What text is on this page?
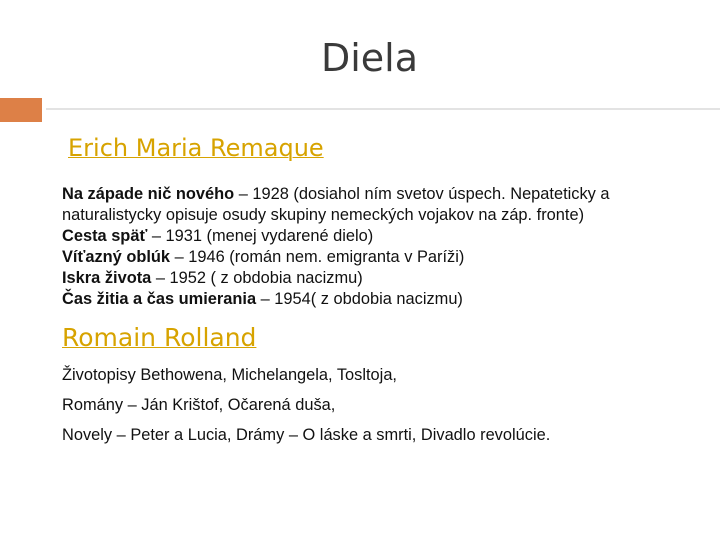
Diela
Erich Maria Remaque
Na západe nič nového – 1928 (dosiahol ním svetov úspech. Nepateticky a
naturalistycky opisuje osudy skupiny nemeckých vojakov na záp. fronte)
Cesta späť – 1931 (menej vydarené dielo)
Víťazný oblúk – 1946 (román nem. emigranta v Paríži)
Iskra života – 1952 ( z obdobia nacizmu)
Čas žitia a čas umierania – 1954( z obdobia nacizmu)
Romain Rolland
Životopisy Bethowena, Michelangela, Tosltoja,
Romány – Ján Krištof, Očarená duša,
Novely – Peter a Lucia, Drámy – O láske a smrti, Divadlo revolúcie.
